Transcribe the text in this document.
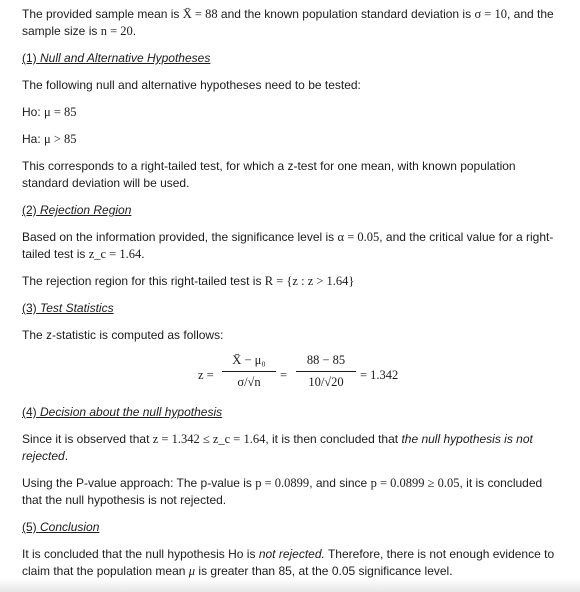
The provided sample mean is X̄ = 88 and the known population standard deviation is σ = 10, and the sample size is n = 20.

(1) Null and Alternative Hypotheses

The following null and alternative hypotheses need to be tested:

Ho: μ = 85

Ha: μ > 85

This corresponds to a right-tailed test, for which a z-test for one mean, with known population standard deviation will be used.

(2) Rejection Region

Based on the information provided, the significance level is α = 0.05, and the critical value for a right-tailed test is z_c = 1.64.

The rejection region for this right-tailed test is R = {z : z > 1.64}

(3) Test Statistics

The z-statistic is computed as follows:

z =
X̄ − μ₀
σ/√n	=
88 − 85
10/√20	= 1.342

(4) Decision about the null hypothesis

Since it is observed that z = 1.342 ≤ z_c = 1.64, it is then concluded that the null hypothesis is not rejected.

Using the P-value approach: The p-value is p = 0.0899, and since p = 0.0899 ≥ 0.05, it is concluded that the null hypothesis is not rejected.

(5) Conclusion

It is concluded that the null hypothesis Ho is not rejected. Therefore, there is not enough evidence to claim that the population mean μ is greater than 85, at the 0.05 significance level.
